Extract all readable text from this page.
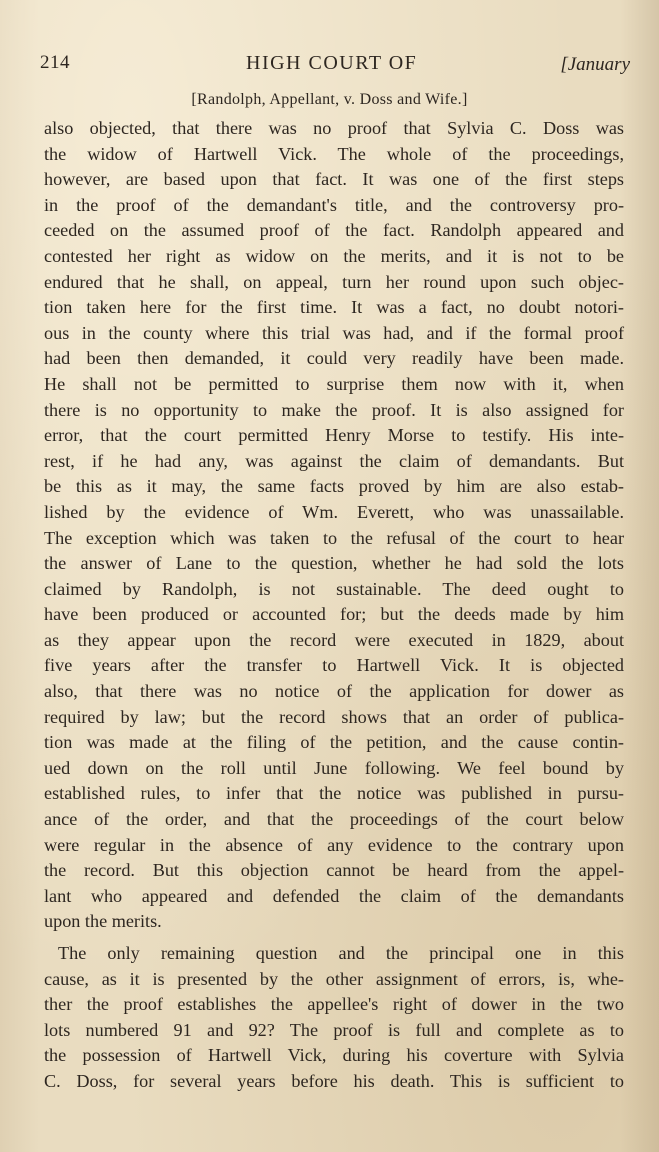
214	HIGH COURT OF	[January
[Randolph, Appellant, v. Doss and Wife.]
also objected, that there was no proof that Sylvia C. Doss was
the widow of Hartwell Vick. The whole of the proceedings,
however, are based upon that fact. It was one of the first steps
in the proof of the demandant's title, and the controversy pro-
ceeded on the assumed proof of the fact. Randolph appeared and
contested her right as widow on the merits, and it is not to be
endured that he shall, on appeal, turn her round upon such objec-
tion taken here for the first time. It was a fact, no doubt notori-
ous in the county where this trial was had, and if the formal proof
had been then demanded, it could very readily have been made.
He shall not be permitted to surprise them now with it, when
there is no opportunity to make the proof. It is also assigned for
error, that the court permitted Henry Morse to testify. His inte-
rest, if he had any, was against the claim of demandants. But
be this as it may, the same facts proved by him are also estab-
lished by the evidence of Wm. Everett, who was unassailable.
The exception which was taken to the refusal of the court to hear
the answer of Lane to the question, whether he had sold the lots
claimed by Randolph, is not sustainable. The deed ought to
have been produced or accounted for; but the deeds made by him
as they appear upon the record were executed in 1829, about
five years after the transfer to Hartwell Vick. It is objected
also, that there was no notice of the application for dower as
required by law; but the record shows that an order of publica-
tion was made at the filing of the petition, and the cause contin-
ued down on the roll until June following. We feel bound by
established rules, to infer that the notice was published in pursu-
ance of the order, and that the proceedings of the court below
were regular in the absence of any evidence to the contrary upon
the record. But this objection cannot be heard from the appel-
lant who appeared and defended the claim of the demandants
upon the merits.
The only remaining question and the principal one in this
cause, as it is presented by the other assignment of errors, is, whe-
ther the proof establishes the appellee's right of dower in the two
lots numbered 91 and 92? The proof is full and complete as to
the possession of Hartwell Vick, during his coverture with Sylvia
C. Doss, for several years before his death. This is sufficient to
